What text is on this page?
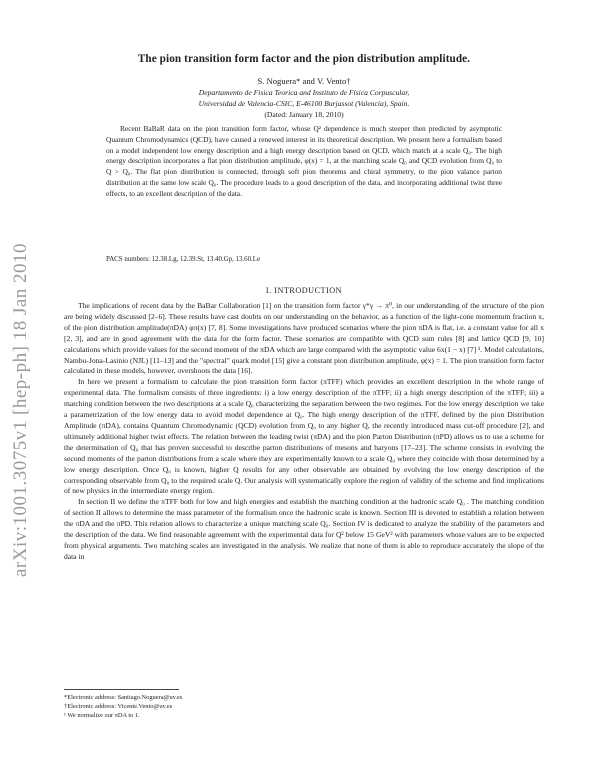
arXiv:1001.3075v1 [hep-ph] 18 Jan 2010
The pion transition form factor and the pion distribution amplitude.
S. Noguera* and V. Vento†
Departamento de Fisica Teorica and Instituto de Física Corpuscular,
Universidad de Valencia-CSIC, E-46100 Burjassot (Valencia), Spain.
(Dated: January 18, 2010)

Recent BaBaR data on the pion transition form factor, whose Q² dependence is much steeper then predicted by asymptotic Quantum Chromodynamics (QCD), have caused a renewed interest in its theoretical description. We present here a formalism based on a model independent low energy description and a high energy description based on QCD, which match at a scale Q₀. The high energy description incorporates a flat pion distribution amplitude, φ(x) = 1, at the matching scale Q₀ and QCD evolution from Q₀ to Q > Q₀. The flat pion distribution is connected, through soft pion theorems and chiral symmetry, to the pion valance parton distribution at the same low scale Q₀. The procedure leads to a good description of the data, and incorporating additional twist three effects, to an excellent description of the data.

PACS numbers: 12.38.Lg, 12.39.St, 13.40.Gp, 13.60.Le
I. INTRODUCTION

The implications of recent data by the BaBar Collaboration [1] on the transition form factor γ*γ → π⁰, in our understanding of the structure of the pion are being widely discussed [2–6]. These results have cast doubts on our understanding on the behavior, as a function of the light-cone momentum fraction x, of the pion distribution amplitude(πDA) φπ(x) [7, 8]. Some investigations have produced scenarios where the pion πDA is flat, i.e. a constant value for all x [2, 3], and are in good agreement with the data for the form factor. These scenarios are compatible with QCD sum rules [8] and lattice QCD [9, 10] calculations which provide values for the second moment of the πDA which are large compared with the asymptotic value 6x(1 − x) [7] ¹. Model calculations, Nambu-Jona-Lasinio (NJL) [11–13] and the "spectral" quark model [15] give a constant pion distribution amplitude, φ(x) = 1. The pion transition form factor calculated in these models, however, overshoots the data [16].

In here we present a formalism to calculate the pion transition form factor (πTFF) which provides an excellent description in the whole range of experimental data. The formalism consists of three ingredients: i) a low energy description of the πTFF; ii) a high energy description of the πTFF; iii) a matching condition between the two descriptions at a scale Q₀ characterizing the separation between the two regimes. For the low energy description we take a parametrization of the low energy data to avoid model dependence at Q₀. The high energy description of the πTFF, defined by the pion Distribution Amplitude (πDA), contains Quantum Chromodynamic (QCD) evolution from Q₀ to any higher Q, the recently introduced mass cut-off procedure [2], and ultimately additional higher twist effects. The relation between the leading twist (πDA) and the pion Parton Distribution (πPD) allows us to use a scheme for the determination of Q₀ that has proven successful to describe parton distributions of mesons and baryons [17–23]. The scheme consists in evolving the second moments of the parton distributions from a scale where they are experimentally known to a scale Q₀ where they coincide with those determined by a low energy description. Once Q₀ is known, higher Q results for any other observable are obtained by evolving the low energy description of the corresponding observable from Q₀ to the required scale Q. Our analysis will systematically explore the region of validity of the scheme and find implications of new physics in the intermediate energy region.

In section II we define the πTFF both for low and high energies and establish the matching condition at the hadronic scale Q₀ . The matching condition of section II allows to determine the mass parameter of the formalism once the hadronic scale is known. Section III is devoted to establish a relation between the πDA and the πPD. This relation allows to characterize a unique matching scale Q₀. Section IV is dedicated to analyze the stability of the parameters and the description of the data. We find reasonable agreement with the experimental data for Q² below 15 GeV² with parameters whose values are to be expected from physical arguments. Two matching scales are investigated in the analysis. We realize that none of them is able to reproduce accurately the slope of the data in

*Electronic address: Santiago.Noguera@uv.es
†Electronic address: Vicente.Vento@uv.es
¹ We normalize our πDA to 1.
